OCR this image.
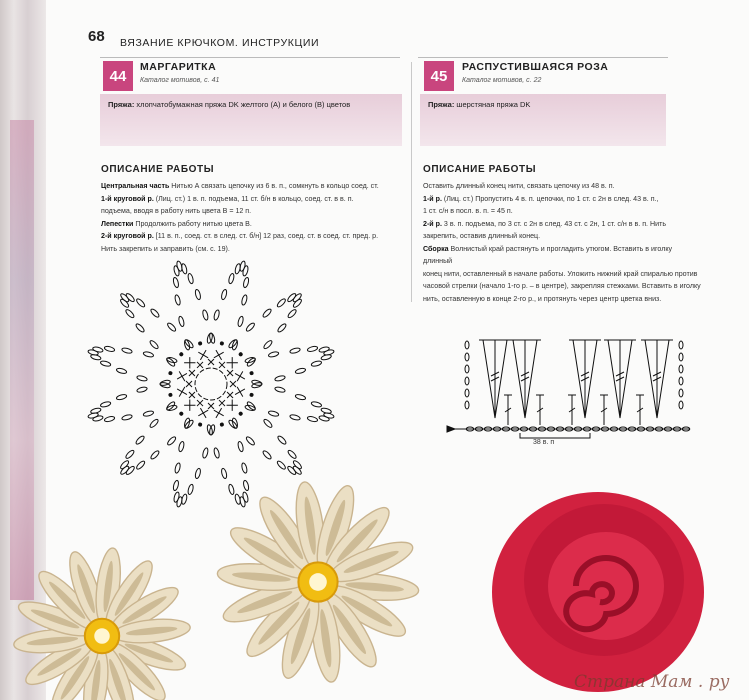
68 ВЯЗАНИЕ КРЮЧКОМ. ИНСТРУКЦИИ
44
МАРГАРИТКА
Каталог мотивов, с. 41
Пряжа: хлопчатобумажная пряжа DK желтого (А) и белого (В) цветов
ОПИСАНИЕ РАБОТЫ

Центральная часть Нитью А связать цепочку из 6 в. п., сомкнуть в кольцо соед. ст.

1-й круговой р. (Лиц. ст.) 1 в. п. подъема, 11 ст. б/н в кольцо, соед. ст. в в. п.

подъема, вводя в работу нить цвета В = 12 п.

Лепестки Продолжить работу нитью цвета В.

2-й круговой р. [11 в. п., соед. ст. в след. ст. б/н] 12 раз, соед. ст. в соед. ст. пред. р.

Нить закрепить и заправить (см. с. 19).

45
РАСПУСТИВШАЯСЯ РОЗА
Каталог мотивов, с. 22
Пряжа: шерстяная пряжа DK
ОПИСАНИЕ РАБОТЫ

Оставить длинный конец нити, связать цепочку из 48 в. п.

1-й р. (Лиц. ст.) Пропустить 4 в. п. цепочки, по 1 ст. с 2н в след. 43 в. п.,

1 ст. с/н в посл. в. п. = 45 п.

2-й р. 3 в. п. подъема, по 3 ст. с 2н в след. 43 ст. с 2н, 1 ст. с/н в в. п. Нить

закрепить, оставив длинный конец.

Сборка Волнистый край растянуть и прогладить утюгом. Вставить в иголку длинный

конец нити, оставленный в начале работы. Уложить нижний край спиралью против

часовой стрелки (начало 1-го р. – в центре), закрепляя стежками. Вставить в иголку

нить, оставленную в конце 2-го р., и протянуть через центр цветка вниз.

38 в. п
Страна Мам . ру
